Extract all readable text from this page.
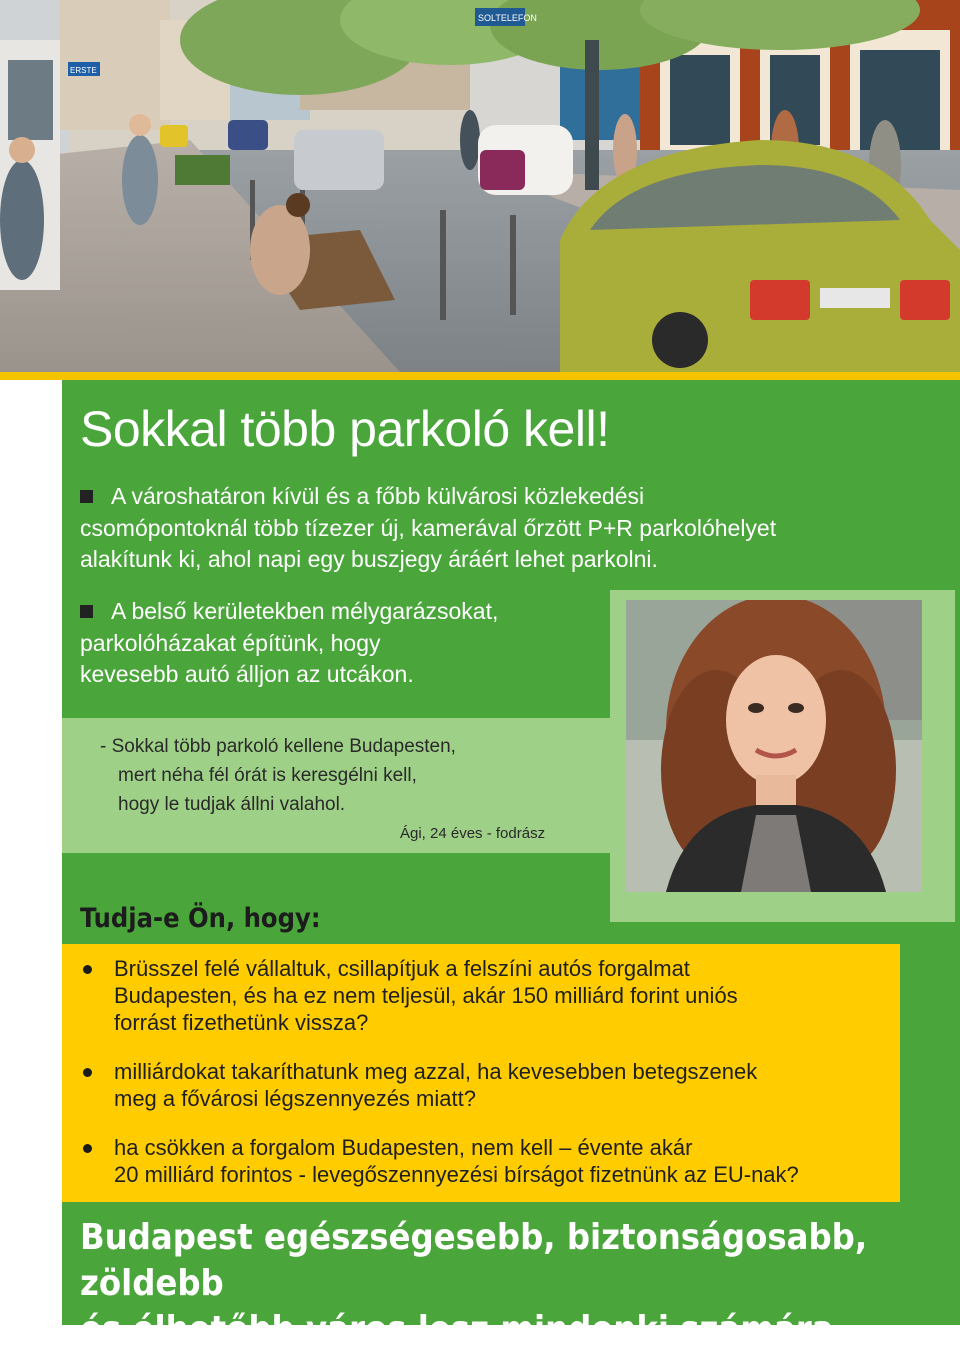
SOLTELEFON
ERSTE
Sokkal több parkoló kell!
A városhatáron kívül és a főbb külvárosi közlekedési
csomópontoknál több tízezer új, kamerával őrzött P+R parkolóhelyet
alakítunk ki, ahol napi egy buszjegy áráért lehet parkolni.
A belső kerületekben mélygarázsokat,
parkolóházakat építünk, hogy
kevesebb autó álljon az utcákon.
- Sokkal több parkoló kellene Budapesten,
mert néha fél órát is keresgélni kell,
hogy le tudjak állni valahol.
Ági, 24 éves - fodrász
Tudja-e Ön, hogy:
Brüsszel felé vállaltuk, csillapítjuk a felszíni autós forgalmat
Budapesten, és ha ez nem teljesül, akár 150 milliárd forint uniós
forrást fizethetünk vissza?
milliárdokat takaríthatunk meg azzal, ha kevesebben betegszenek
meg a fővárosi légszennyezés miatt?
ha csökken a forgalom Budapesten, nem kell – évente akár
20 milliárd forintos - levegőszennyezési bírságot fizetnünk az EU-nak?

Budapest egészségesebb, biztonságosabb, zöldebb
